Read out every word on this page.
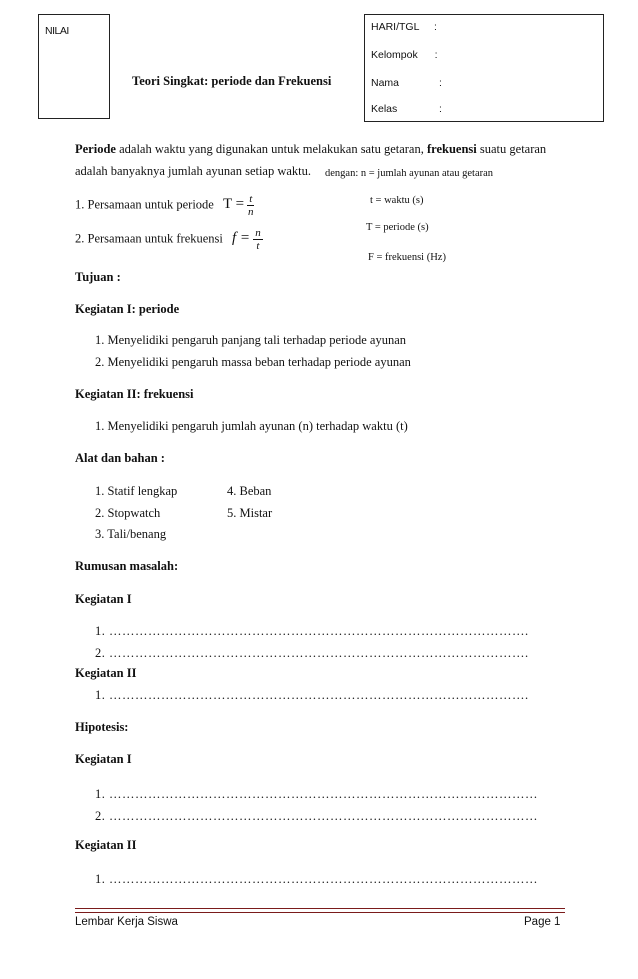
NILAI
Teori Singkat: periode dan Frekuensi
HARI/TGL :
Kelompok :
Nama	:
Kelas	:
Periode adalah waktu yang digunakan untuk melakukan satu getaran, frekuensi suatu getaran
adalah banyaknya jumlah ayunan setiap waktu. dengan: n = jumlah ayunan atau getaran
1. Persamaan untuk periode $T = \frac{t}{n}$	t = waktu (s)
2. Persamaan untuk frekuensi $f = \frac{n}{t}$	T = periode (s)
F = frekuensi (Hz)
Tujuan :
Kegiatan I: periode
1. Menyelidiki pengaruh panjang tali terhadap periode ayunan
2. Menyelidiki pengaruh massa beban terhadap periode ayunan
Kegiatan II: frekuensi
1. Menyelidiki pengaruh jumlah ayunan (n) terhadap waktu (t)
Alat dan bahan :
1. Statif lengkap
2. Stopwatch
3. Tali/benang
4. Beban
5. Mistar
Rumusan masalah:
Kegiatan I
1. …………………………………………………………………………………….
2. …………………………………………………………………………………….
Kegiatan II
1. …………………………………………………………………………………….
Hipotesis:
Kegiatan I
1. ………………………………………………………………………………………
2. ………………………………………………………………………………………
Kegiatan II
1. ………………………………………………………………………………………
Lembar Kerja Siswa	Page 1
